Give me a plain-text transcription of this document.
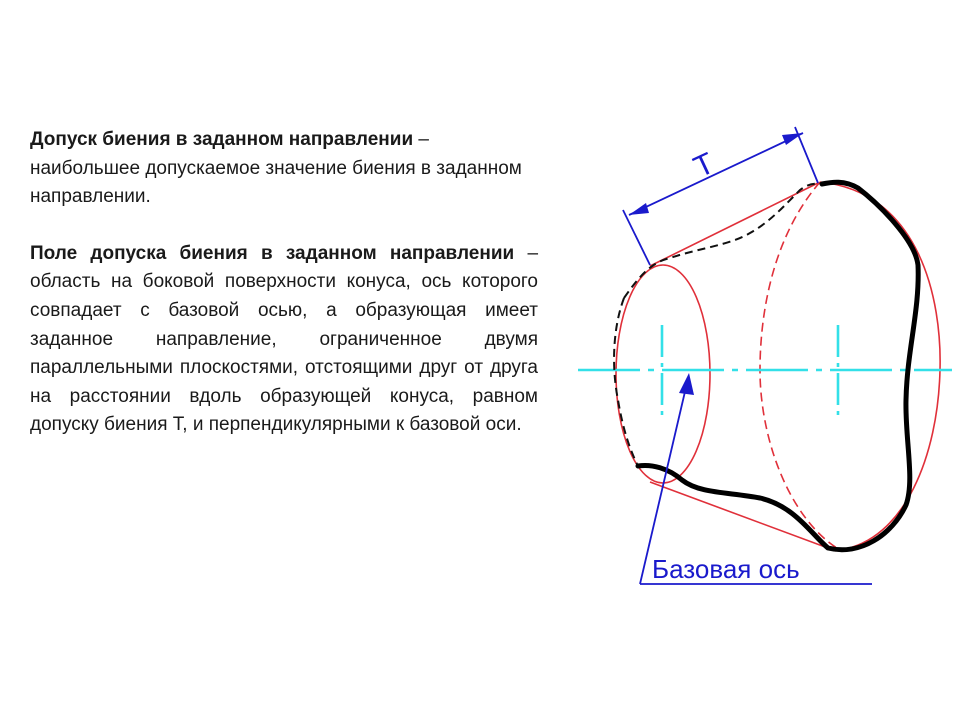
Допуск биения в заданном направлении – наибольшее допускаемое значение биения в заданном направлении.

Поле допуска биения в заданном направлении – область на боковой поверхности конуса, ось которого совпадает с базовой осью, а образующая имеет заданное направление, ограниченное двумя параллельными плоскостями, отстоящими друг от друга на расстоянии вдоль образующей конуса, равном допуску биения Т, и перпендикулярными к базовой оси.

T
Базовая ось
